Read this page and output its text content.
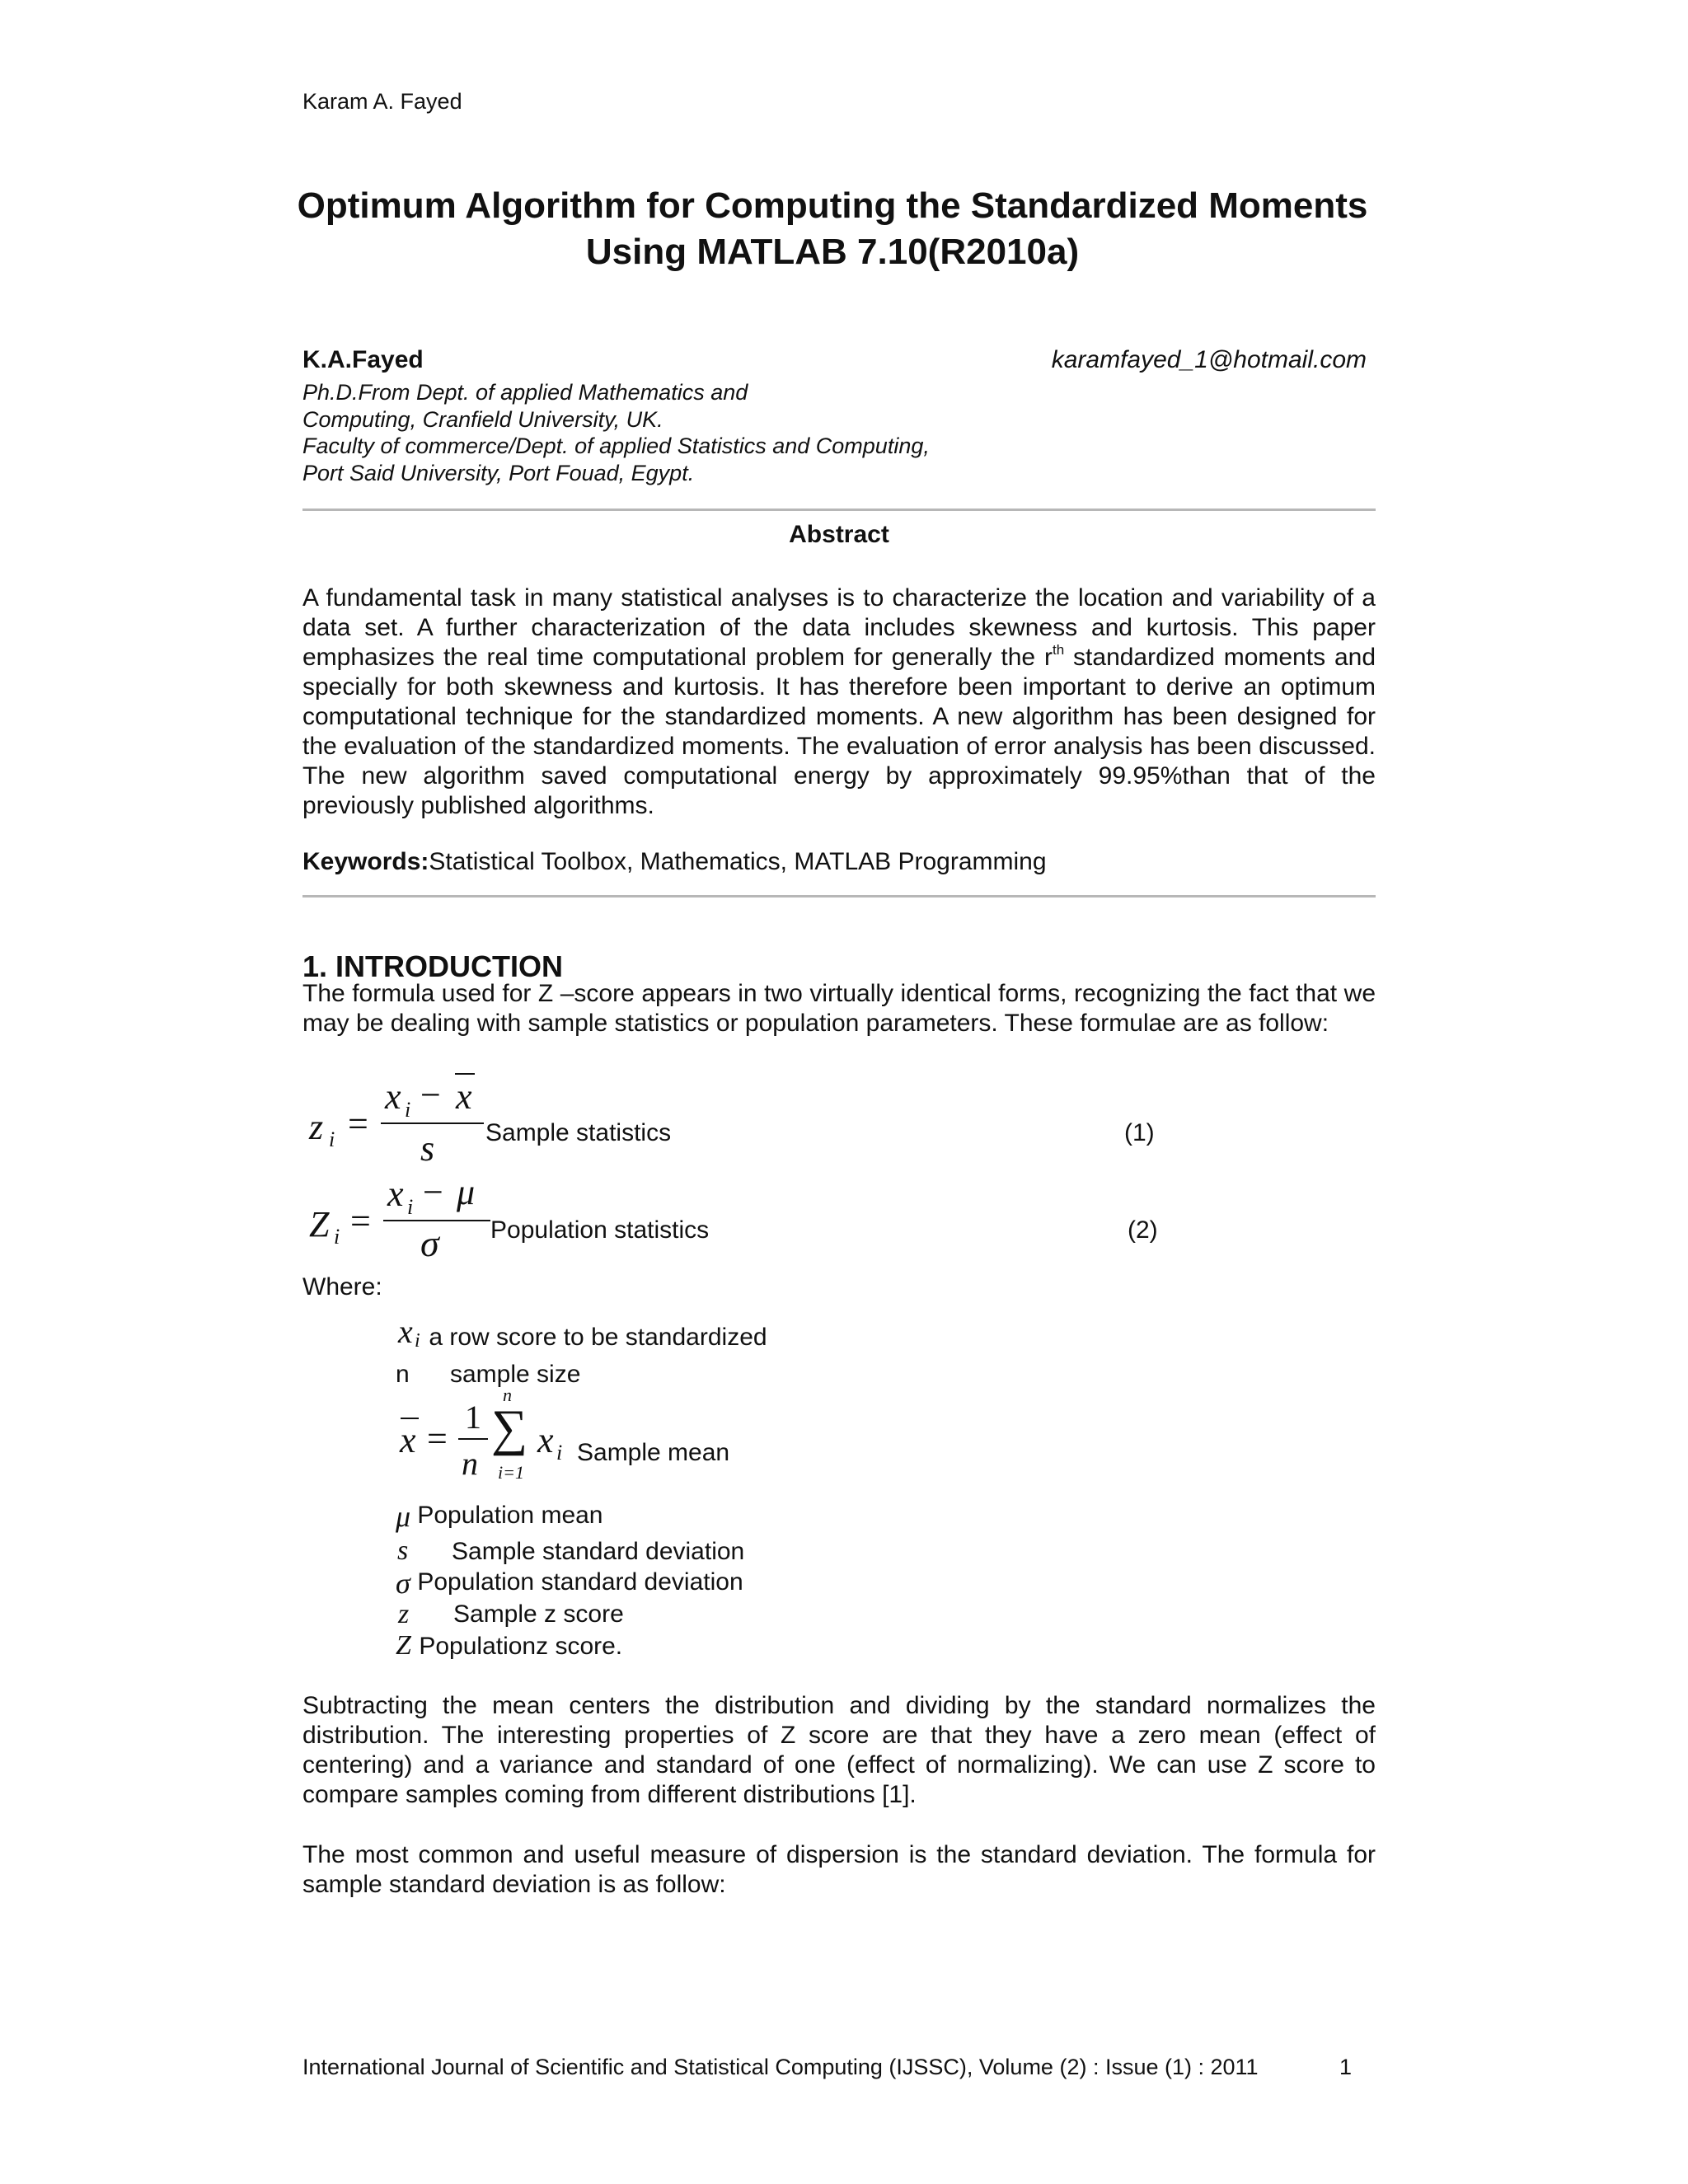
Karam A. Fayed
Optimum Algorithm for Computing the Standardized Moments
Using MATLAB 7.10(R2010a)
K.A.Fayed	karamfayed_1@hotmail.com
Ph.D.From Dept. of applied Mathematics and
Computing, Cranfield University, UK.
Faculty of commerce/Dept. of applied Statistics and Computing,
Port Said University, Port Fouad, Egypt.
Abstract
A fundamental task in many statistical analyses is to characterize the location and variability of a data set. A further characterization of the data includes skewness and kurtosis. This paper emphasizes the real time computational problem for generally the $r^{th}$ standardized moments and specially for both skewness and kurtosis. It has therefore been important to derive an optimum computational technique for the standardized moments. A new algorithm has been designed for the evaluation of the standardized moments. The evaluation of error analysis has been discussed. The new algorithm saved computational energy by approximately 99.95%than that of the previously published algorithms.
Keywords:Statistical Toolbox, Mathematics, MATLAB Programming
1. INTRODUCTION
The formula used for Z –score appears in two virtually identical forms, recognizing the fact that we may be dealing with sample statistics or population parameters. These formulae are as follow:
z i =
x i − x
s Sample statistics	(1)
Z i =
x i − μ
σ Population statistics	(2)
Where:
x i a row score to be standardized
n sample size
x =
1
n
n
∑
i=1
x i Sample mean
μ Population mean
s Sample standard deviation
σ Population standard deviation
z Sample z score
Z Populationz score.
Subtracting the mean centers the distribution and dividing by the standard normalizes the distribution. The interesting properties of Z score are that they have a zero mean (effect of centering) and a variance and standard of one (effect of normalizing). We can use Z score to compare samples coming from different distributions [1].
The most common and useful measure of dispersion is the standard deviation. The formula for sample standard deviation is as follow:
International Journal of Scientific and Statistical Computing (IJSSC), Volume (2) : Issue (1) : 2011	1
